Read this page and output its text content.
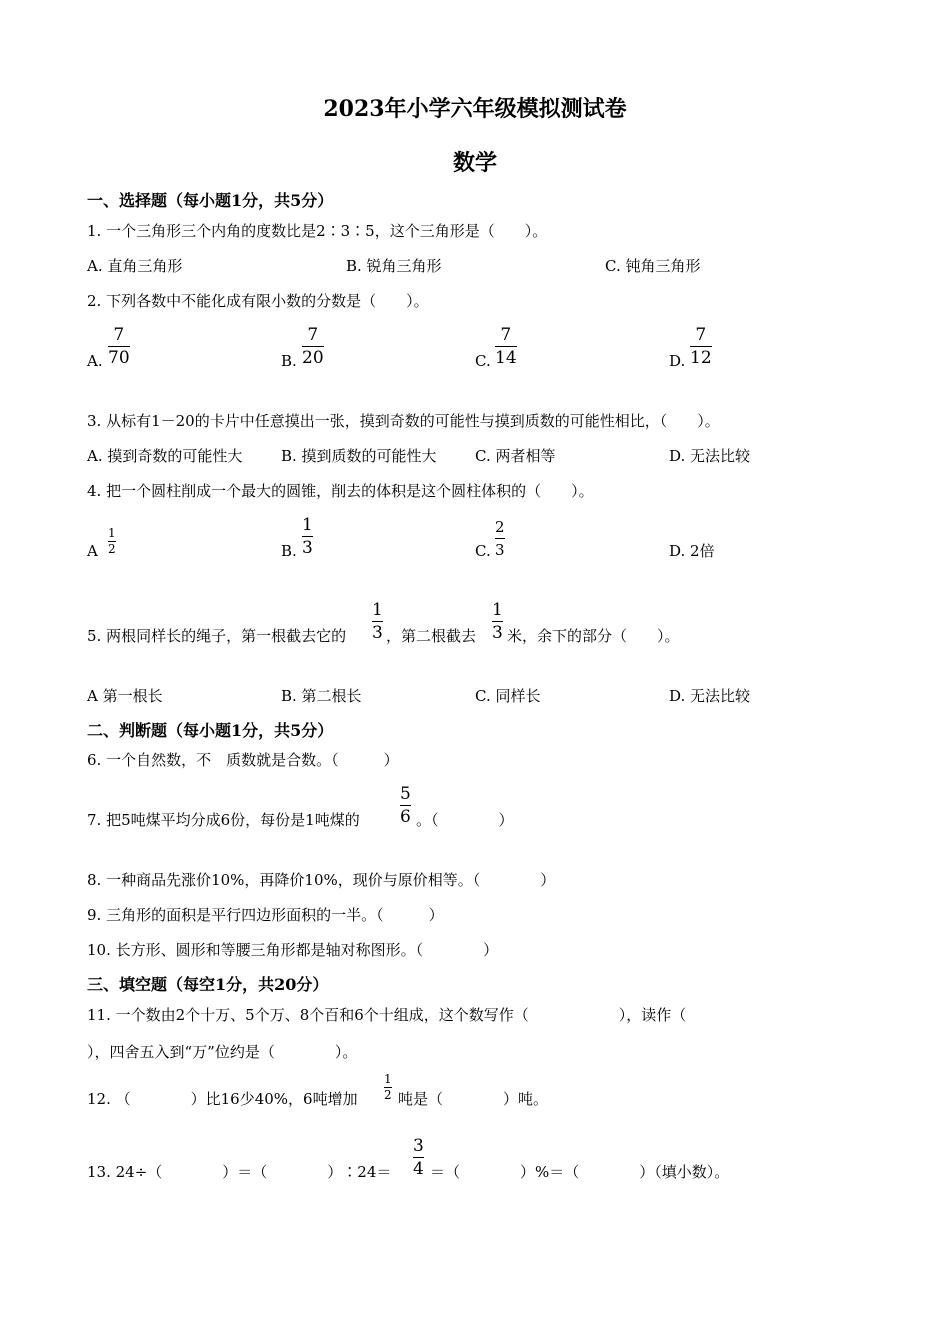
2023年小学六年级模拟测试卷
数学
一、选择题（每小题1分，共5分）
1. 一个三角形三个内角的度数比是2∶3∶5，这个三角形是（　　）。
A. 直角三角形	B. 锐角三角形	C. 钝角三角形
2. 下列各数中不能化成有限小数的分数是（　　）。
A.
7
70	B.
7
20	C.
7
14	D.
7
12
3. 从标有1－20的卡片中任意摸出一张，摸到奇数的可能性与摸到质数的可能性相比，（　　）。
A. 摸到奇数的可能性大	B. 摸到质数的可能性大	C. 两者相等	D. 无法比较
4. 把一个圆柱削成一个最大的圆锥，削去的体积是这个圆柱体积的（　　）。
A
1
2	B.
1
3	C.
2
3	D. 2倍
5. 两根同样长的绳子，第一根截去它的
1
3 ，第二根截去
1
3 米，余下的部分（　　）。
A 第一根长	B. 第二根长	C. 同样长	D. 无法比较
二、判断题（每小题1分，共5分）
6. 一个自然数，不　质数就是合数。（　　　）
7. 把5吨煤平均分成6份，每份是1吨煤的
5
6 。（　　　　）
8. 一种商品先涨价10%，再降价10%，现价与原价相等。（　　　　）
9. 三角形的面积是平行四边形面积的一半。（　　　）
10. 长方形、圆形和等腰三角形都是轴对称图形。（　　　　）
三、填空题（每空1分，共20分）
11. 一个数由2个十万、5个万、8个百和6个十组成，这个数写作（　　　　　　），读作（
），四舍五入到“万”位约是（　　　　）。
12. （　　　　）比16少40%，6吨增加
1
2 吨是（　　　　）吨。
13. 24÷（　　　　）＝（　　　　）∶24＝
3
4 ＝（　　　　）%＝（　　　　）（填小数）。
